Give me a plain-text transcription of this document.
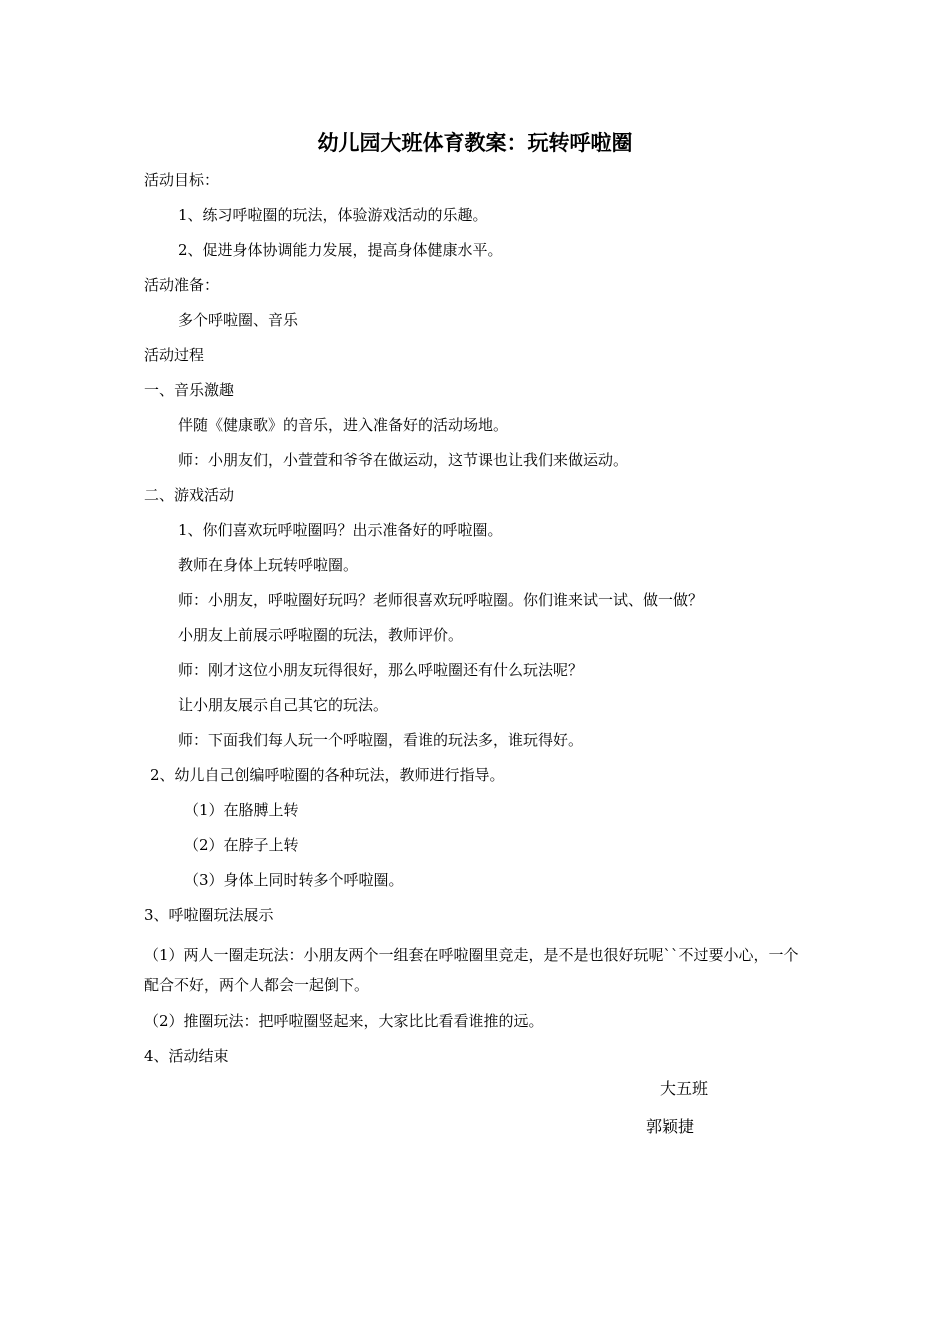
幼儿园大班体育教案：玩转呼啦圈

活动目标：

1、练习呼啦圈的玩法，体验游戏活动的乐趣。

2、促进身体协调能力发展，提高身体健康水平。

活动准备：

多个呼啦圈、音乐

活动过程

一、音乐激趣

伴随《健康歌》的音乐，进入准备好的活动场地。

师：小朋友们，小萱萱和爷爷在做运动，这节课也让我们来做运动。

二、游戏活动

1、你们喜欢玩呼啦圈吗？出示准备好的呼啦圈。

教师在身体上玩转呼啦圈。

师：小朋友，呼啦圈好玩吗？老师很喜欢玩呼啦圈。你们谁来试一试、做一做？

小朋友上前展示呼啦圈的玩法，教师评价。

师：刚才这位小朋友玩得很好，那么呼啦圈还有什么玩法呢？

让小朋友展示自己其它的玩法。

师：下面我们每人玩一个呼啦圈，看谁的玩法多，谁玩得好。

2、幼儿自己创编呼啦圈的各种玩法，教师进行指导。

（1）在胳膊上转

（2）在脖子上转

（3）身体上同时转多个呼啦圈。

3、呼啦圈玩法展示

（1）两人一圈走玩法：小朋友两个一组套在呼啦圈里竞走，是不是也很好玩呢``不过要小心，一个配合不好，两个人都会一起倒下。

（2）推圈玩法：把呼啦圈竖起来，大家比比看看谁推的远。

4、活动结束

大五班

郭颖捷
